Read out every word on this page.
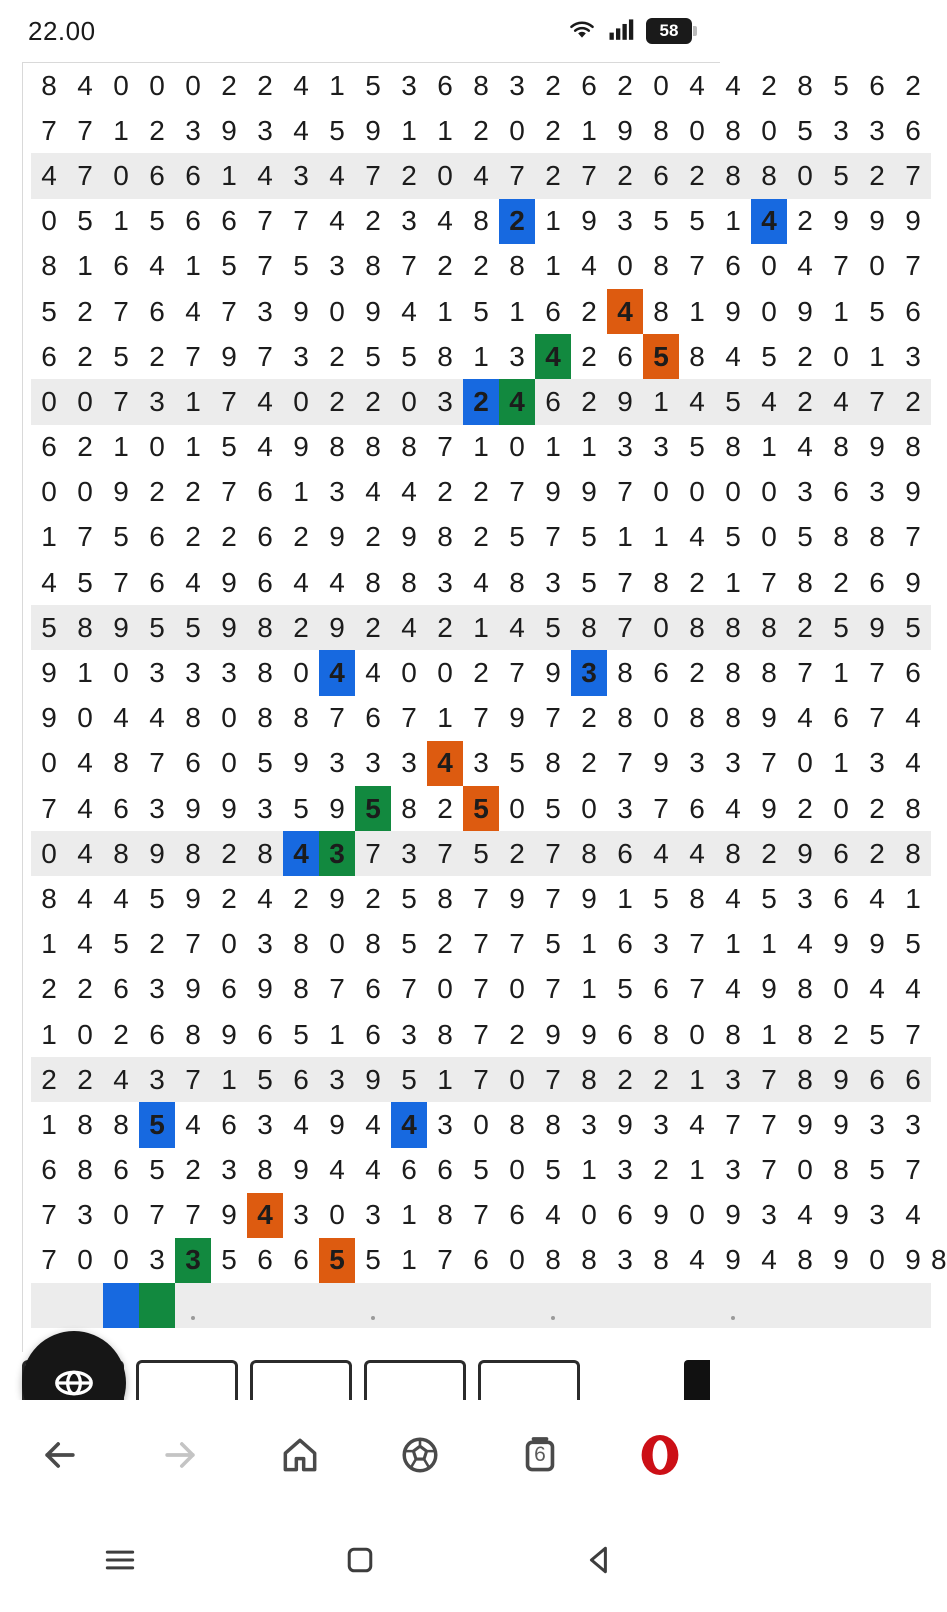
22.00	58
8	4	0	0	0	2	2	4	1	5	3	6	8	3	2	6	2	0	4	4	2	8	5	6	2	
7	7	1	2	3	9	3	4	5	9	1	1	2	0	2	1	9	8	0	8	0	5	3	3	6	
4	7	0	6	6	1	4	3	4	7	2	0	4	7	2	7	2	6	2	8	8	0	5	2	7	
0	5	1	5	6	6	7	7	4	2	3	4	8	2	1	9	3	5	5	1	4	2	9	9	9	
8	1	6	4	1	5	7	5	3	8	7	2	2	8	1	4	0	8	7	6	0	4	7	0	7	
5	2	7	6	4	7	3	9	0	9	4	1	5	1	6	2	4	8	1	9	0	9	1	5	6	
6	2	5	2	7	9	7	3	2	5	5	8	1	3	4	2	6	5	8	4	5	2	0	1	3	
0	0	7	3	1	7	4	0	2	2	0	3	2	4	6	2	9	1	4	5	4	2	4	7	2	
6	2	1	0	1	5	4	9	8	8	8	7	1	0	1	1	3	3	5	8	1	4	8	9	8	
0	0	9	2	2	7	6	1	3	4	4	2	2	7	9	9	7	0	0	0	0	3	6	3	9	
1	7	5	6	2	2	6	2	9	2	9	8	2	5	7	5	1	1	4	5	0	5	8	8	7	
4	5	7	6	4	9	6	4	4	8	8	3	4	8	3	5	7	8	2	1	7	8	2	6	9	
5	8	9	5	5	9	8	2	9	2	4	2	1	4	5	8	7	0	8	8	8	2	5	9	5	
9	1	0	3	3	3	8	0	4	4	0	0	2	7	9	3	8	6	2	8	8	7	1	7	6	
9	0	4	4	8	0	8	8	7	6	7	1	7	9	7	2	8	0	8	8	9	4	6	7	4	
0	4	8	7	6	0	5	9	3	3	3	4	3	5	8	2	7	9	3	3	7	0	1	3	4	
7	4	6	3	9	9	3	5	9	5	8	2	5	0	5	0	3	7	6	4	9	2	0	2	8	
0	4	8	9	8	2	8	4	3	7	3	7	5	2	7	8	6	4	4	8	2	9	6	2	8	
8	4	4	5	9	2	4	2	9	2	5	8	7	9	7	9	1	5	8	4	5	3	6	4	1	
1	4	5	2	7	0	3	8	0	8	5	2	7	7	5	1	6	3	7	1	1	4	9	9	5	
2	2	6	3	9	6	9	8	7	6	7	0	7	0	7	1	5	6	7	4	9	8	0	4	4	
1	0	2	6	8	9	6	5	1	6	3	8	7	2	9	9	6	8	0	8	1	8	2	5	7	
2	2	4	3	7	1	5	6	3	9	5	1	7	0	7	8	2	2	1	3	7	8	9	6	6	
1	8	8	5	4	6	3	4	9	4	4	3	0	8	8	3	9	3	4	7	7	9	9	3	3	
6	8	6	5	2	3	8	9	4	4	6	6	5	0	5	1	3	2	1	3	7	0	8	5	7	
7	3	0	7	7	9	4	3	0	3	1	8	7	6	4	0	6	9	0	9	3	4	9	3	4	
7	0	0	3	3	5	6	6	5	5	1	7	6	0	8	8	3	8	4	9	4	8	9	0	9	8

6
